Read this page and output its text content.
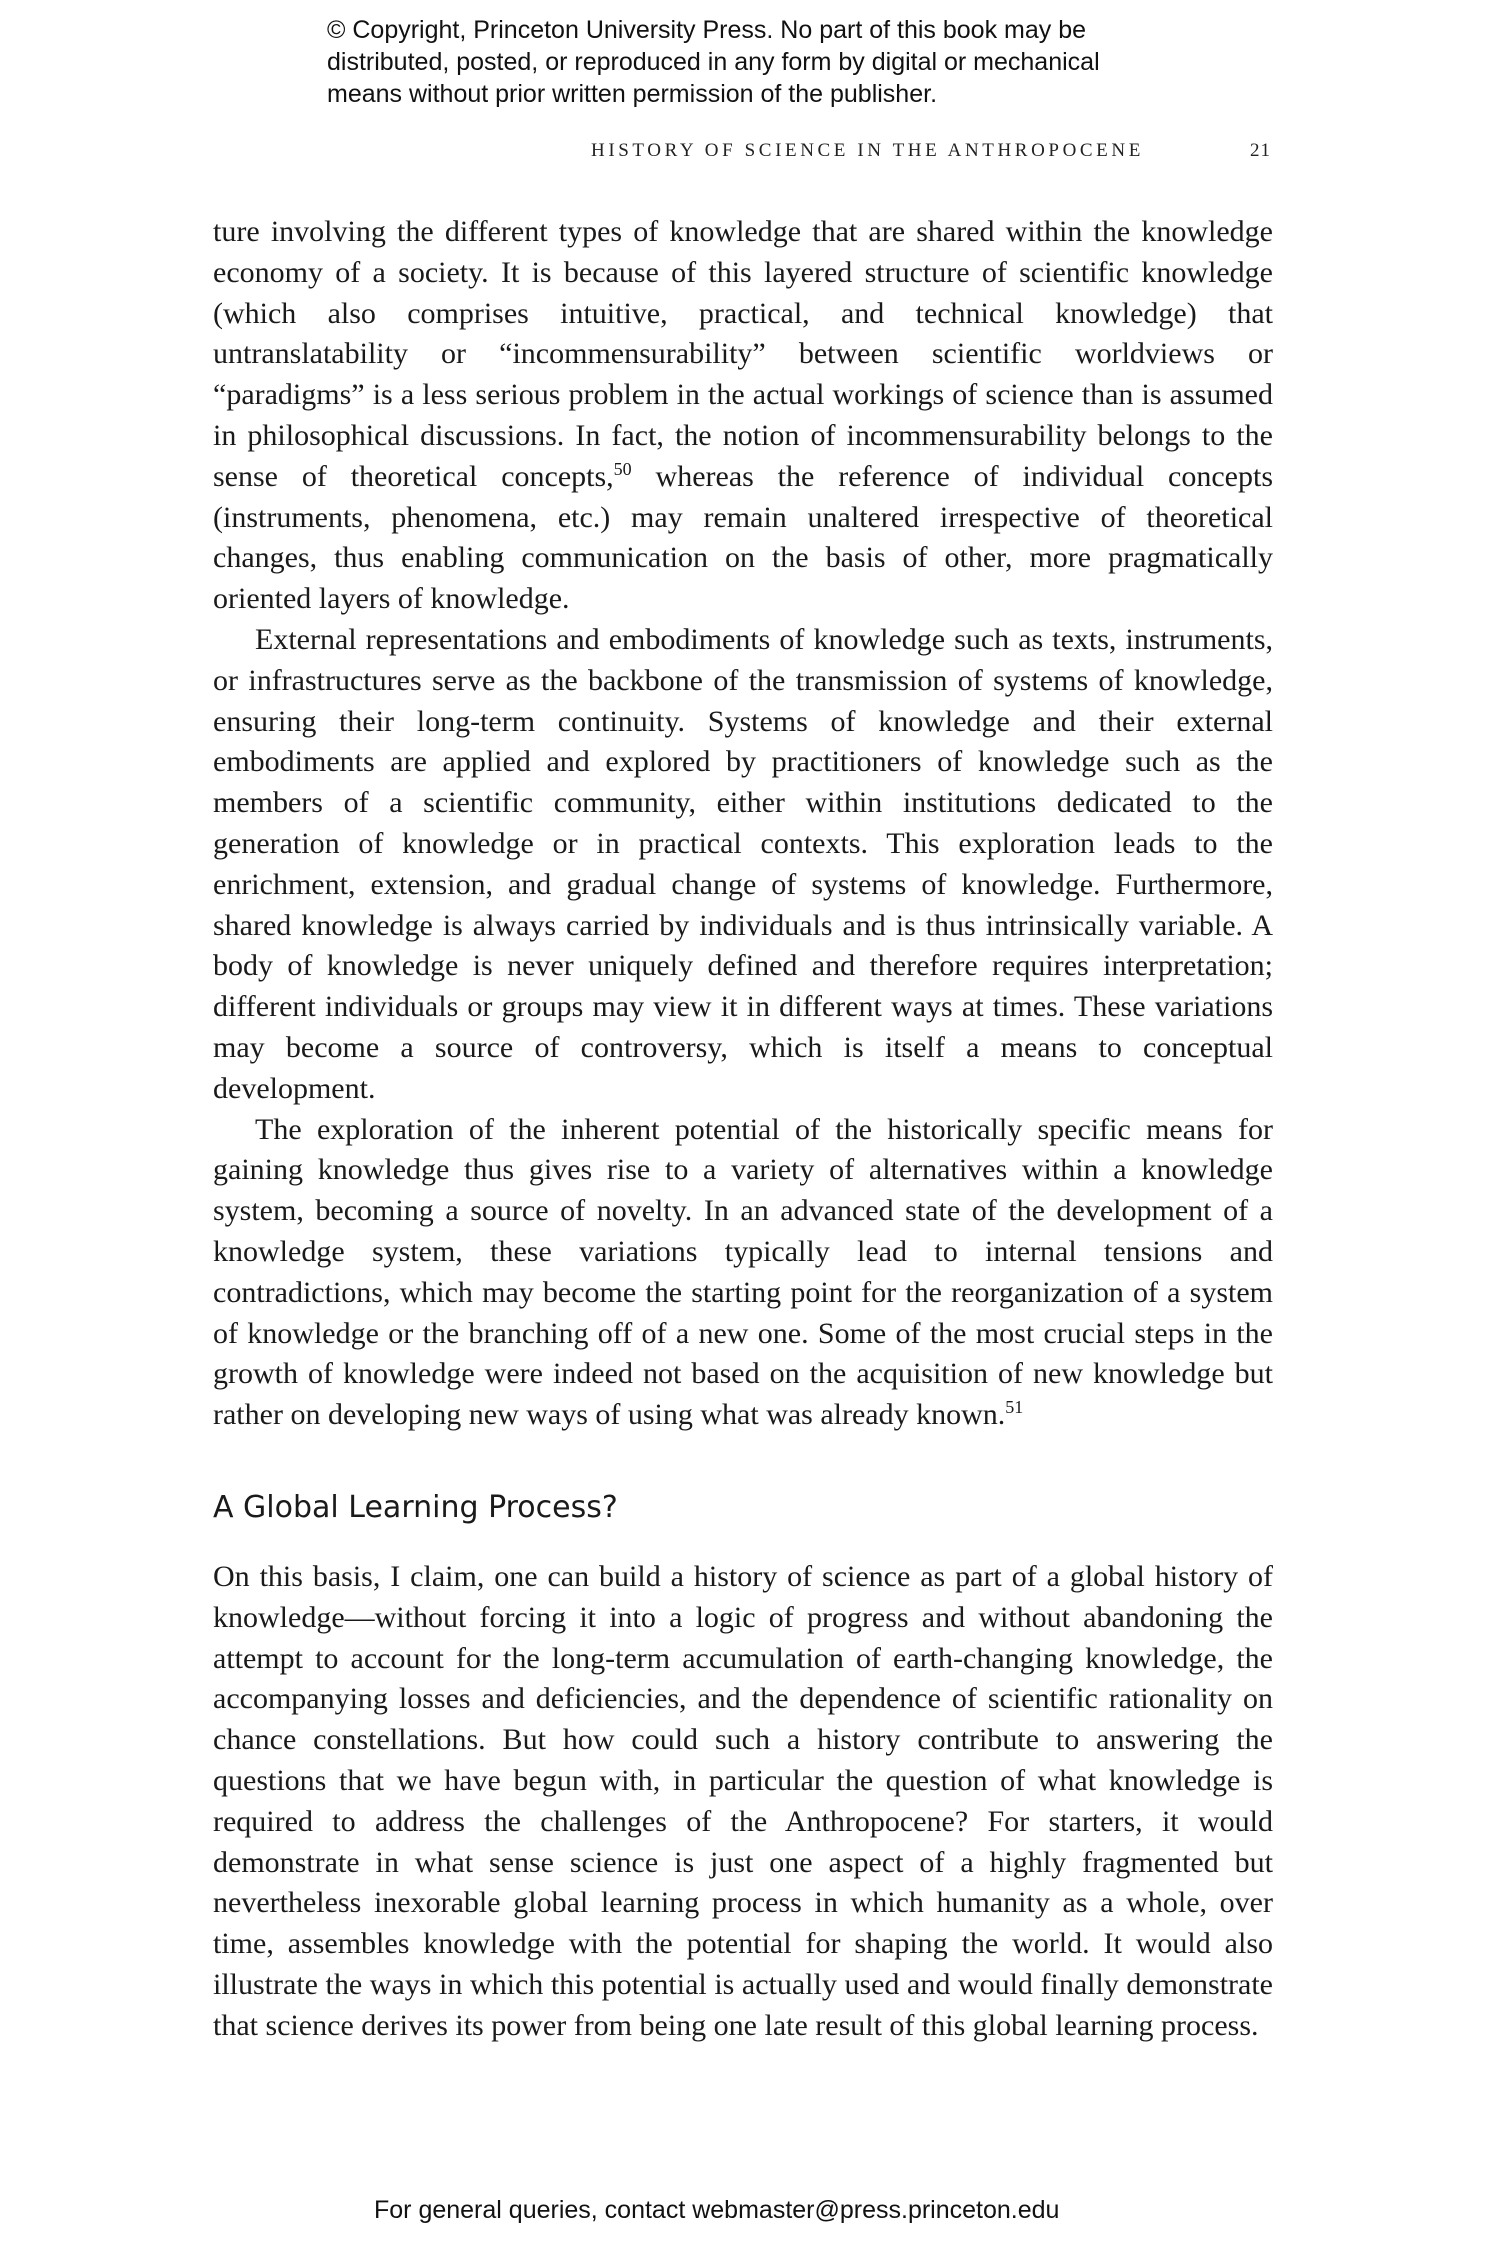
© Copyright, Princeton University Press. No part of this book may be
distributed, posted, or reproduced in any form by digital or mechanical
means without prior written permission of the publisher.
HISTORY OF SCIENCE IN THE ANTHROPOCENE	21

ture involving the different types of knowledge that are shared within the knowledge economy of a society. It is because of this layered structure of scientific knowledge (which also comprises intuitive, practical, and technical knowledge) that untranslatability or “incommensurability” between scientific worldviews or “paradigms” is a less serious problem in the actual workings of science than is assumed in philosophical discussions. In fact, the notion of incommensurability belongs to the sense of theoretical concepts,$^{50}$ whereas the reference of individual concepts (instruments, phenomena, etc.) may remain unaltered irrespective of theoretical changes, thus enabling communication on the basis of other, more pragmatically oriented layers of knowledge.

External representations and embodiments of knowledge such as texts, instruments, or infrastructures serve as the backbone of the transmission of systems of knowledge, ensuring their long-term continuity. Systems of knowledge and their external embodiments are applied and explored by practitioners of knowledge such as the members of a scientific community, either within institutions dedicated to the generation of knowledge or in practical contexts. This exploration leads to the enrichment, extension, and gradual change of systems of knowledge. Furthermore, shared knowledge is always carried by individuals and is thus intrinsically variable. A body of knowledge is never uniquely defined and therefore requires interpretation; different individuals or groups may view it in different ways at times. These variations may become a source of controversy, which is itself a means to conceptual development.

The exploration of the inherent potential of the historically specific means for gaining knowledge thus gives rise to a variety of alternatives within a knowledge system, becoming a source of novelty. In an advanced state of the development of a knowledge system, these variations typically lead to internal tensions and contradictions, which may become the starting point for the reorganization of a system of knowledge or the branching off of a new one. Some of the most crucial steps in the growth of knowledge were indeed not based on the acquisition of new knowledge but rather on developing new ways of using what was already known.$^{51}$

A Global Learning Process?

On this basis, I claim, one can build a history of science as part of a global history of knowledge—without forcing it into a logic of progress and without abandoning the attempt to account for the long-term accumulation of earth-changing knowledge, the accompanying losses and deficiencies, and the dependence of scientific rationality on chance constellations. But how could such a history contribute to answering the questions that we have begun with, in particular the question of what knowledge is required to address the challenges of the Anthropocene? For starters, it would demonstrate in what sense science is just one aspect of a highly fragmented but nevertheless inexorable global learning process in which humanity as a whole, over time, assembles knowledge with the potential for shaping the world. It would also illustrate the ways in which this potential is actually used and would finally demonstrate that science derives its power from being one late result of this global learning process.

For general queries, contact webmaster@press.princeton.edu
